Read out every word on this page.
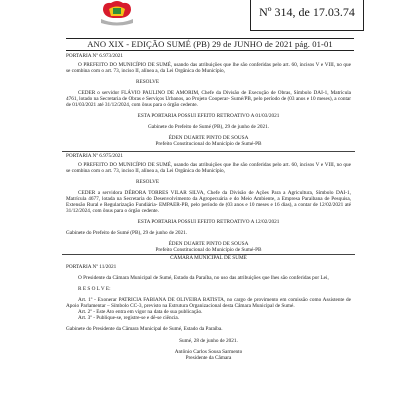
Nº 314, de 17.03.74
ANO XIX - EDIÇÃO SUMÉ (PB) 29 de JUNHO de 2021 pág. 01-01

PORTARIA Nº 6.973/2021

O PREFEITO DO MUNICÍPIO DE SUMÉ, usando das atribuições que lhe são conferidas pelo art. 60, incisos V e VIII, no que se combina com o art. 73, inciso II, alínea a, da Lei Orgânica do Município,

RESOLVE

CEDER o servidor FLÁVIO PAULINO DE AMORIM, Chefe da Divisão de Execução de Obras, Símbolo DAI-1, Matrícula 4761, lotado na Secretaria de Obras e Serviços Urbanos, ao Projeto Cooperar- Sumé/PB, pelo período de (03 anos e 10 meses), a contar de 01/03/2021 até 31/12/2024, com ônus para o órgão cedente.

ESTA PORTARIA POSSUI EFEITO RETROATIVO A 01/03/2021

Gabinete do Prefeito de Sumé (PB), 29 de junho de 2021.

ÉDEN DUARTE PINTO DE SOUSA

Prefeito Constitucional do Município de Sumé-PB

PORTARIA Nº 6.975/2021

O PREFEITO DO MUNICÍPIO DE SUMÉ, usando das atribuições que lhe são conferidas pelo art. 60, incisos V e VIII, no que se combina com o art. 73, inciso II, alínea a, da Lei Orgânica do Município,

RESOLVE

CEDER a servidora DÉBORA TORRES VILAR SILVA, Chefe da Divisão de Ações Para a Agricultura, Símbolo DAI-1, Matrícula 4677, lotada na Secretaria do Desenvolvimento da Agropecuária e do Meio Ambiente, a Empresa Paraibana de Pesquisa, Extensão Rural e Regularização Fundiária- EMPAER-PB, pelo período de (03 anos e 10 meses e 16 dias), a contar de 12/02/2021 até 31/12/2024, com ônus para o órgão cedente.

ESTA PORTARIA POSSUI EFEITO RETROATIVO A 12/02/2021

Gabinete do Prefeito de Sumé (PB), 29 de junho de 2021.

ÉDEN DUARTE PINTO DE SOUSA

Prefeito Constitucional do Município de Sumé-PB

CÂMARA MUNICIPAL DE SUMÉ

PORTARIA Nº 11/2021

O Presidente da Câmara Municipal de Sumé, Estado da Paraíba, no uso das atribuições que lhes são conferidas por Lei,

R E S O L V E:

Art. 1º - Exonerar PATRICIA FABIANA DE OLIVEIRA BATISTA, no cargo de provimento em comissão como Assistente de Apoio Parlamentar – Símbolo CC-3, previsto na Estrutura Organizacional desta Câmara Municipal de Sumé.

Art. 2º - Este Ato entra em vigor na data de sua publicação.

Art. 3º - Publique-se, registre-se e dê-se ciência.

Gabinete do Presidente da Câmara Municipal de Sumé, Estado da Paraíba.

Sumé, 28 de junho de 2021.

Antônio Carlos Sousa Sarmento

Presidente da Câmara
